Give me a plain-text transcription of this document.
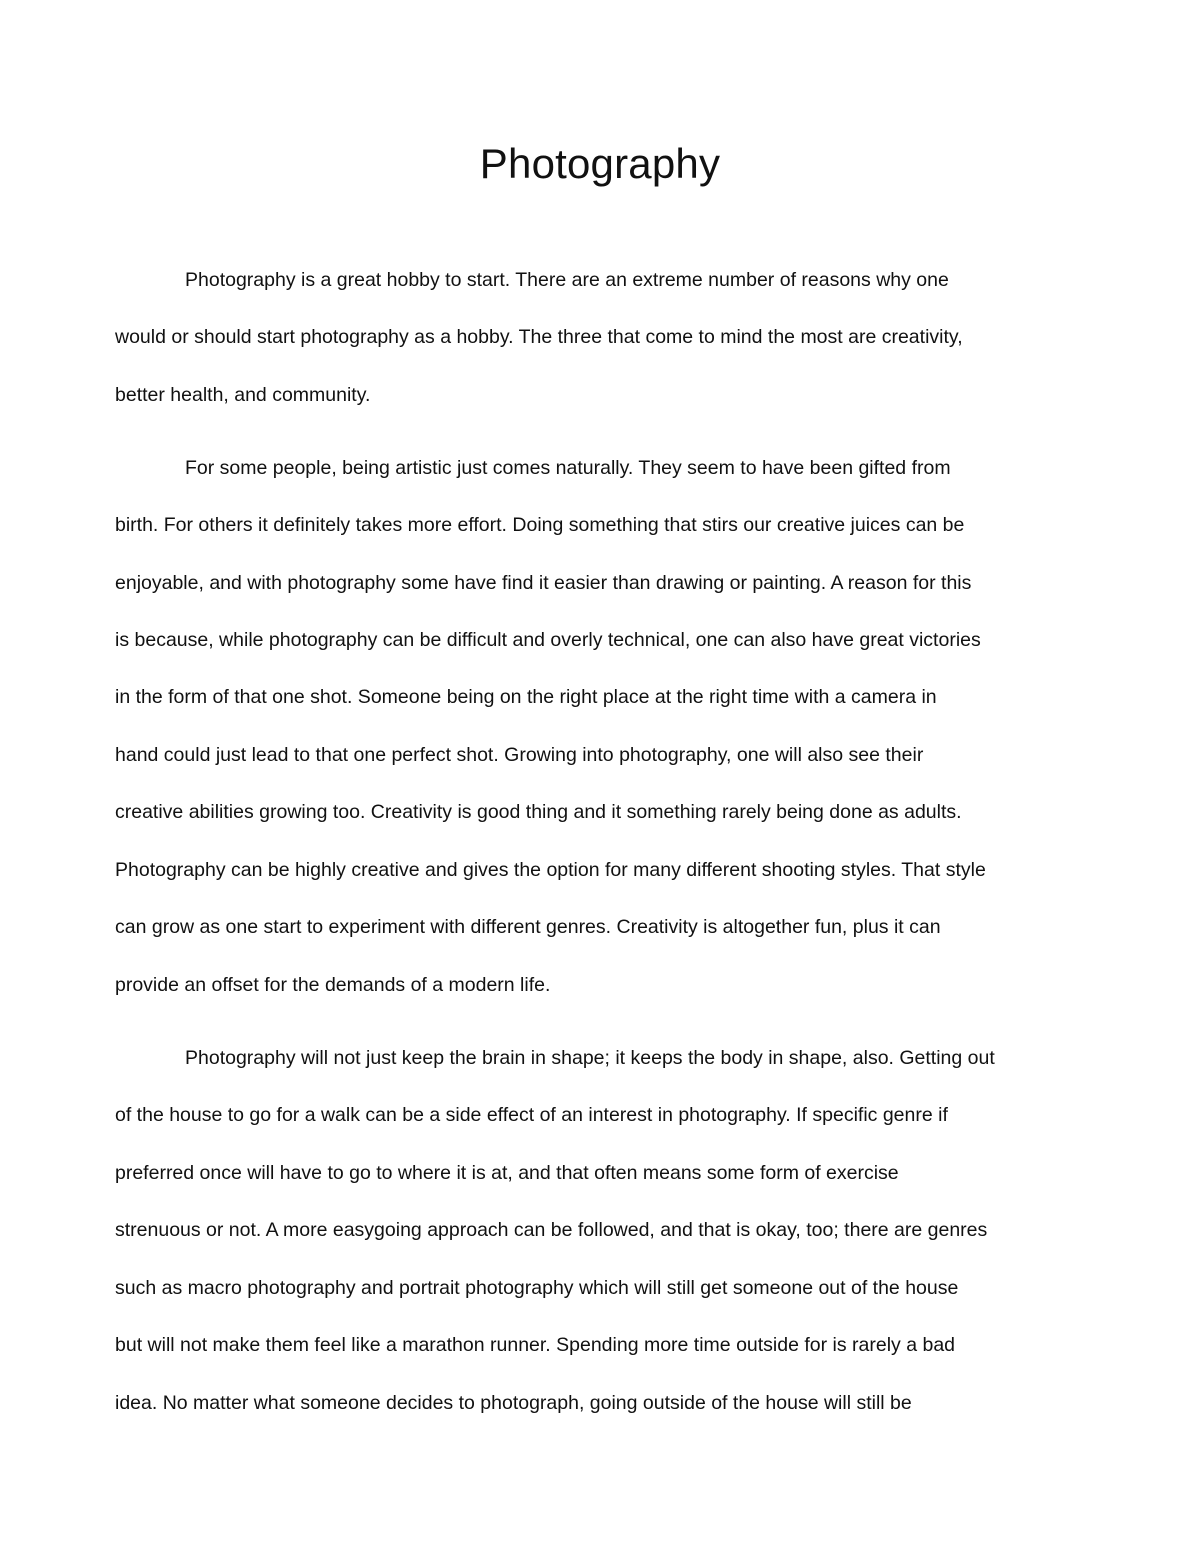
Photography
Photography is a great hobby to start. There are an extreme number of reasons why one
would or should start photography as a hobby. The three that come to mind the most are creativity,
better health, and community.
For some people, being artistic just comes naturally. They seem to have been gifted from
birth. For others it definitely takes more effort. Doing something that stirs our creative juices can be
enjoyable, and with photography some have find it easier than drawing or painting. A reason for this
is because, while photography can be difficult and overly technical, one can also have great victories
in the form of that one shot. Someone being on the right place at the right time with a camera in
hand could just lead to that one perfect shot. Growing into photography, one will also see their
creative abilities growing too. Creativity is good thing and it something rarely being done as adults.
Photography can be highly creative and gives the option for many different shooting styles. That style
can grow as one start to experiment with different genres. Creativity is altogether fun, plus it can
provide an offset for the demands of a modern life.
Photography will not just keep the brain in shape; it keeps the body in shape, also. Getting out
of the house to go for a walk can be a side effect of an interest in photography. If specific genre if
preferred once will have to go to where it is at, and that often means some form of exercise
strenuous or not. A more easygoing approach can be followed, and that is okay, too; there are genres
such as macro photography and portrait photography which will still get someone out of the house
but will not make them feel like a marathon runner. Spending more time outside for is rarely a bad
idea. No matter what someone decides to photograph, going outside of the house will still be
